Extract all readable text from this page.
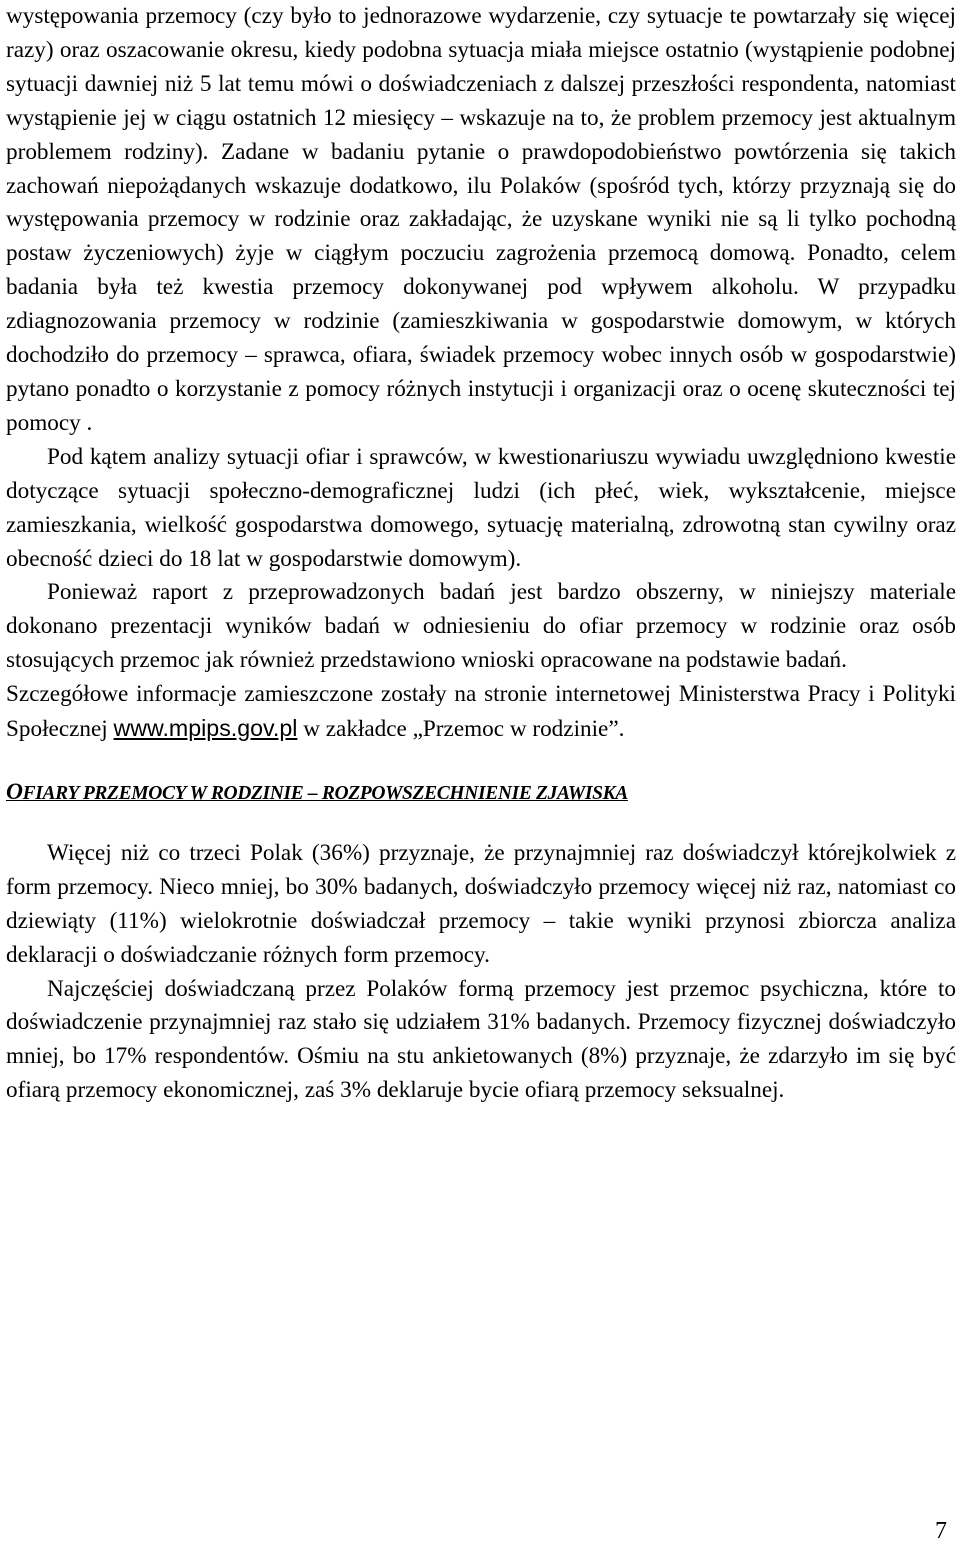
występowania przemocy (czy było to jednorazowe wydarzenie, czy sytuacje te powtarzały się więcej razy) oraz oszacowanie okresu, kiedy podobna sytuacja miała miejsce ostatnio (wystąpienie podobnej sytuacji dawniej niż 5 lat temu mówi o doświadczeniach z dalszej przeszłości respondenta, natomiast wystąpienie jej w ciągu ostatnich 12 miesięcy – wskazuje na to, że problem przemocy jest aktualnym problemem rodziny). Zadane w badaniu pytanie o prawdopodobieństwo powtórzenia się takich zachowań niepożądanych wskazuje dodatkowo, ilu Polaków (spośród tych, którzy przyznają się do występowania przemocy w rodzinie oraz zakładając, że uzyskane wyniki nie są li tylko pochodną postaw życzeniowych) żyje w ciągłym poczuciu zagrożenia przemocą domową. Ponadto, celem badania była też kwestia przemocy dokonywanej pod wpływem alkoholu. W przypadku zdiagnozowania przemocy w rodzinie (zamieszkiwania w gospodarstwie domowym, w których dochodziło do przemocy – sprawca, ofiara, świadek przemocy wobec innych osób w gospodarstwie) pytano ponadto o korzystanie z pomocy różnych instytucji i organizacji oraz o ocenę skuteczności tej pomocy .

Pod kątem analizy sytuacji ofiar i sprawców, w kwestionariuszu wywiadu uwzględniono kwestie dotyczące sytuacji społeczno-demograficznej ludzi (ich płeć, wiek, wykształcenie, miejsce zamieszkania, wielkość gospodarstwa domowego, sytuację materialną, zdrowotną stan cywilny oraz obecność dzieci do 18 lat w gospodarstwie domowym).

Ponieważ raport z przeprowadzonych badań jest bardzo obszerny, w niniejszy materiale dokonano prezentacji wyników badań w odniesieniu do ofiar przemocy w rodzinie oraz osób stosujących przemoc jak również przedstawiono wnioski opracowane na podstawie badań.

Szczegółowe informacje zamieszczone zostały na stronie internetowej Ministerstwa Pracy i Polityki Społecznej www.mpips.gov.pl w zakładce „Przemoc w rodzinie”.

OFIARY PRZEMOCY W RODZINIE – ROZPOWSZECHNIENIE ZJAWISKA

Więcej niż co trzeci Polak (36%) przyznaje, że przynajmniej raz doświadczył którejkolwiek z form przemocy. Nieco mniej, bo 30% badanych, doświadczyło przemocy więcej niż raz, natomiast co dziewiąty (11%) wielokrotnie doświadczał przemocy – takie wyniki przynosi zbiorcza analiza deklaracji o doświadczanie różnych form przemocy.

Najczęściej doświadczaną przez Polaków formą przemocy jest przemoc psychiczna, które to doświadczenie przynajmniej raz stało się udziałem 31% badanych. Przemocy fizycznej doświadczyło mniej, bo 17% respondentów. Ośmiu na stu ankietowanych (8%) przyznaje, że zdarzyło im się być ofiarą przemocy ekonomicznej, zaś 3% deklaruje bycie ofiarą przemocy seksualnej.

7
